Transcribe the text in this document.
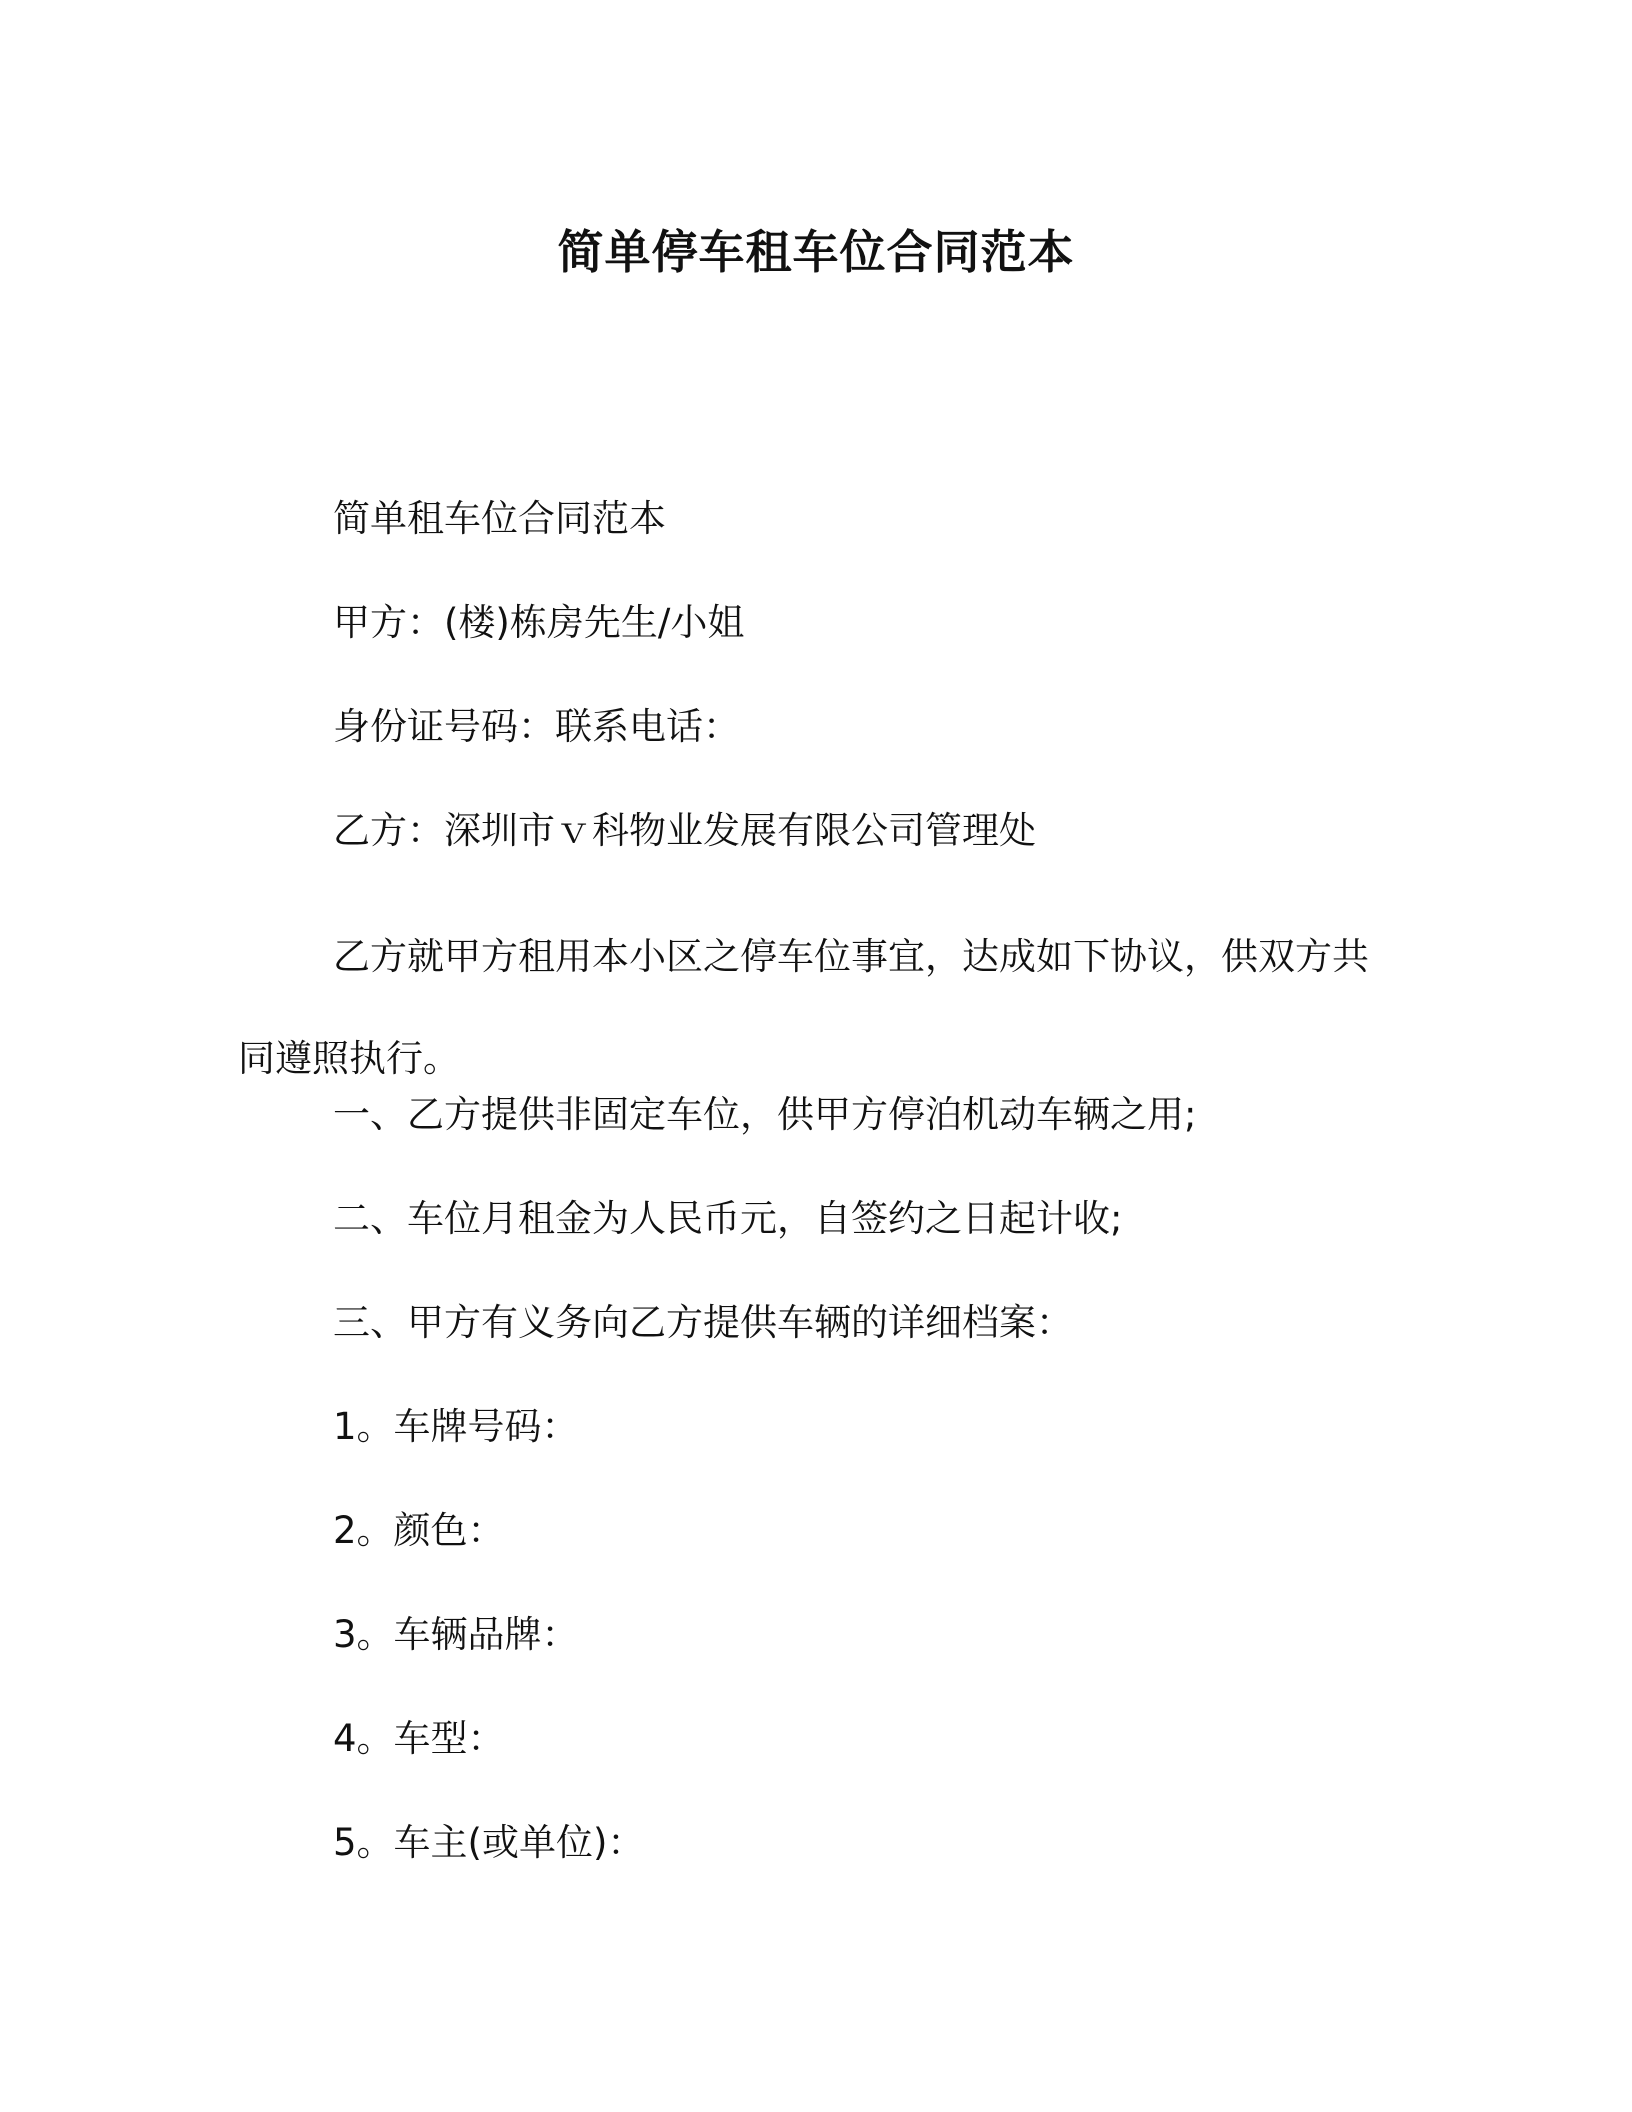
简单停车租车位合同范本
简单租车位合同范本
甲方：(楼)栋房先生/小姐
身份证号码：联系电话：
乙方：深圳市ｖ科物业发展有限公司管理处
乙方就甲方租用本小区之停车位事宜，达成如下协议，供双方共同遵照执行。
一、乙方提供非固定车位，供甲方停泊机动车辆之用;
二、车位月租金为人民币元，自签约之日起计收;
三、甲方有义务向乙方提供车辆的详细档案：
1。车牌号码：
2。颜色：
3。车辆品牌：
4。车型：
5。车主(或单位)：
